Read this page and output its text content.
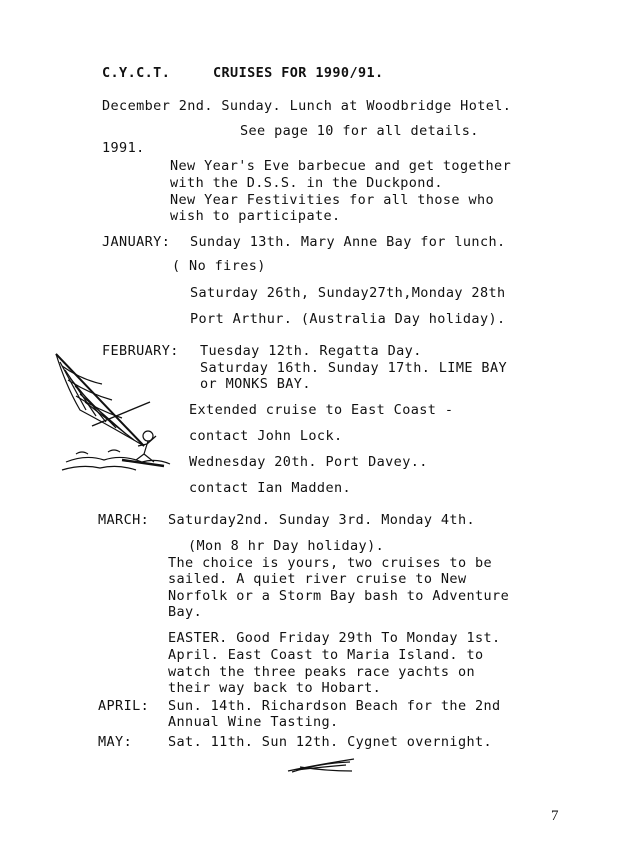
C.Y.C.T.	CRUISES FOR 1990/91.
December 2nd. Sunday. Lunch at Woodbridge Hotel.
See page 10 for all details.
1991.
New Year's Eve barbecue and get together
with the D.S.S. in the Duckpond.
New Year Festivities for all those who
wish to participate.
JANUARY: Sunday 13th. Mary Anne Bay for lunch.
( No fires)
Saturday 26th, Sunday27th,Monday 28th
Port Arthur. (Australia Day holiday).
FEBRUARY: Tuesday 12th. Regatta Day.
Saturday 16th. Sunday 17th. LIME BAY
or MONKS BAY.
Extended cruise to East Coast -
contact John Lock.
Wednesday 20th. Port Davey..
contact Ian Madden.
MARCH: Saturday2nd. Sunday 3rd. Monday 4th.
(Mon 8 hr Day holiday).
The choice is yours, two cruises to be
sailed. A quiet river cruise to New
Norfolk or a Storm Bay bash to Adventure
Bay.
EASTER. Good Friday 29th To Monday 1st.
April. East Coast to Maria Island. to
watch the three peaks race yachts on
their way back to Hobart.
APRIL: Sun. 14th. Richardson Beach for the 2nd
Annual Wine Tasting.
MAY:	Sat. 11th. Sun 12th. Cygnet overnight.
7
